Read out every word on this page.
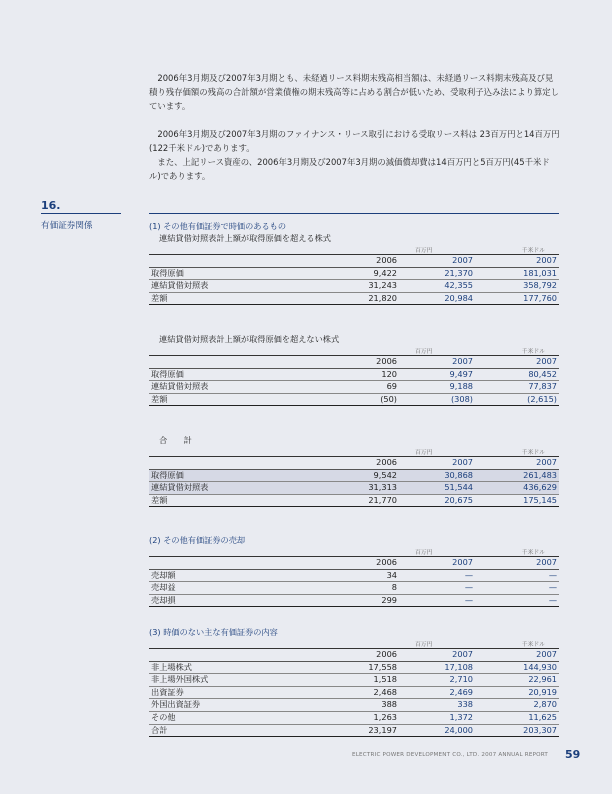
2006年3月期及び2007年3月期とも、未経過リース料期末残高相当額は、未経過リース料期末残高及び見積り残存価額の残高の合計額が営業債権の期末残高等に占める割合が低いため、受取利子込み法により算定しています。

2006年3月期及び2007年3月期のファイナンス・リース取引における受取リース料は 23百万円と14百万円(122千米ドル)であります。

また、上記リース資産の、2006年3月期及び2007年3月期の減価償却費は14百万円と5百万円(45千米ドル)であります。

16.
有価証券関係	(1) その他有価証券で時価のあるもの
連結貸借対照表計上額が取得原価を超える株式
百万円	千米ドル
	2006	2007	2007
取得原価	9,422	21,370	181,031
連結貸借対照表	31,243	42,355	358,792
差額	21,820	20,984	177,760
連結貸借対照表計上額が取得原価を超えない株式
百万円	千米ドル
	2006	2007	2007
取得原価	120	9,497	80,452
連結貸借対照表	69	9,188	77,837
差額	(50)	(308)	(2,615)
合　　計
百万円	千米ドル
	2006	2007	2007
取得原価	9,542	30,868	261,483
連結貸借対照表	31,313	51,544	436,629
差額	21,770	20,675	175,145
(2) その他有価証券の売却
百万円	千米ドル
	2006	2007	2007
売却額	34	—	—
売却益	8	—	—
売却損	299	—	—
(3) 時価のない主な有価証券の内容
百万円	千米ドル
	2006	2007	2007
非上場株式	17,558	17,108	144,930
非上場外国株式	1,518	2,710	22,961
出資証券	2,468	2,469	20,919
外国出資証券	388	338	2,870
その他	1,263	1,372	11,625
合計	23,197	24,000	203,307
ELECTRIC POWER DEVELOPMENT CO., LTD. 2007 ANNUAL REPORT 59
